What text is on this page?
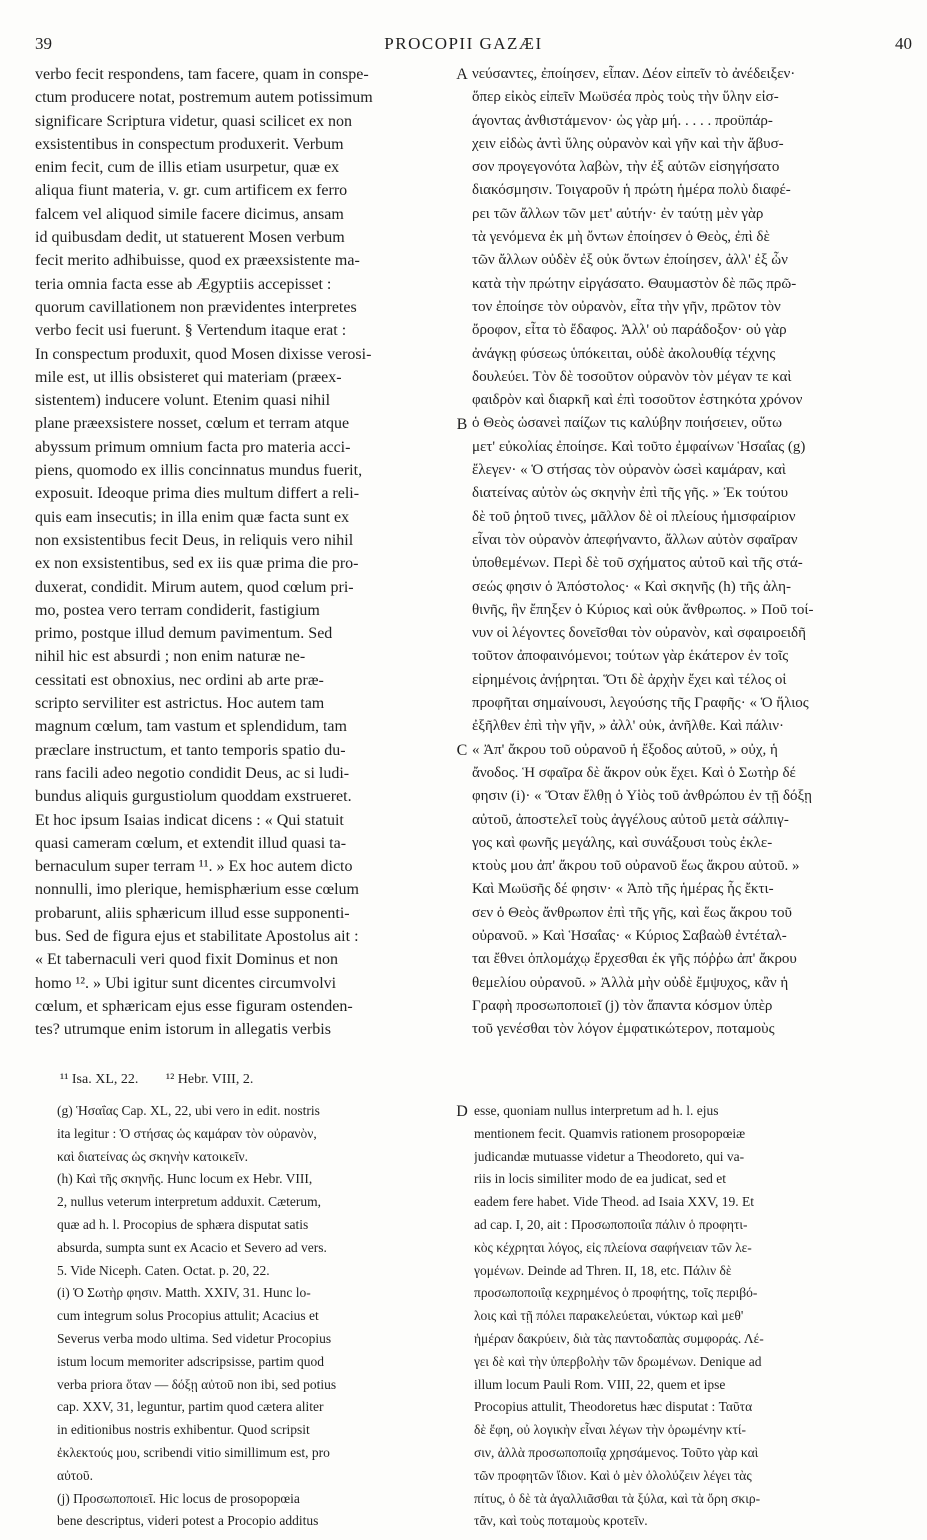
39	PROCOPII GAZÆI	40
verbo fecit respondens, tam facere, quam in conspe-
ctum producere notat, postremum autem potissimum
significare Scriptura videtur, quasi scilicet ex non
exsistentibus in conspectum produxerit. Verbum
enim fecit, cum de illis etiam usurpetur, quæ ex
aliqua fiunt materia, v. gr. cum artificem ex ferro
falcem vel aliquod simile facere dicimus, ansam
id quibusdam dedit, ut statuerent Mosen verbum
fecit merito adhibuisse, quod ex præexsistente ma-
teria omnia facta esse ab Ægyptiis accepisset :
quorum cavillationem non prævidentes interpretes
verbo fecit usi fuerunt. § Vertendum itaque erat :
In conspectum produxit, quod Mosen dixisse verosi-
mile est, ut illis obsisteret qui materiam (præex-
sistentem) inducere volunt. Etenim quasi nihil
plane præexsistere nosset, cœlum et terram atque
abyssum primum omnium facta pro materia acci-
piens, quomodo ex illis concinnatus mundus fuerit,
exposuit. Ideoque prima dies multum differt a reli-
quis eam insecutis; in illa enim quæ facta sunt ex
non exsistentibus fecit Deus, in reliquis vero nihil
ex non exsistentibus, sed ex iis quæ prima die pro-
duxerat, condidit. Mirum autem, quod cœlum pri-
mo, postea vero terram condiderit, fastigium
primo, postque illud demum pavimentum. Sed
nihil hic est absurdi ; non enim naturæ ne-
cessitati est obnoxius, nec ordini ab arte præ-
scripto serviliter est astrictus. Hoc autem tam
magnum cœlum, tam vastum et splendidum, tam
præclare instructum, et tanto temporis spatio du-
rans facili adeo negotio condidit Deus, ac si ludi-
bundus aliquis gurgustiolum quoddam exstrueret.
Et hoc ipsum Isaias indicat dicens : « Qui statuit
quasi cameram cœlum, et extendit illud quasi ta-
bernaculum super terram ¹¹. » Ex hoc autem dicto
nonnulli, imo plerique, hemisphærium esse cœlum
probarunt, aliis sphæricum illud esse supponenti-
bus. Sed de figura ejus et stabilitate Apostolus ait :
« Et tabernaculi veri quod fixit Dominus et non
homo ¹². » Ubi igitur sunt dicentes circumvolvi
cœlum, et sphæricam ejus esse figuram ostenden-
tes? utrumque enim istorum in allegatis verbis
νεύσαντες, ἐποίησεν, εἶπαν. Δέον εἰπεῖν τὸ ἀνέδειξεν·
ὅπερ εἰκὸς εἰπεῖν Μωϋσέα πρὸς τοὺς τὴν ὕλην εἰσ-
άγοντας ἀνθιστάμενον· ὡς γὰρ μή. . . . . προϋπάρ-
χειν εἰδὼς ἀντὶ ὕλης οὐρανὸν καὶ γῆν καὶ τὴν ἄβυσ-
σον προγεγονότα λαβὼν, τὴν ἐξ αὐτῶν εἰσηγήσατο
διακόσμησιν. Τοιγαροῦν ἡ πρώτη ἡμέρα πολὺ διαφέ-
ρει τῶν ἄλλων τῶν μετ' αὐτήν· ἐν ταύτῃ μὲν γὰρ
τὰ γενόμενα ἐκ μὴ ὄντων ἐποίησεν ὁ Θεὸς, ἐπὶ δὲ
τῶν ἄλλων οὐδὲν ἐξ οὐκ ὄντων ἐποίησεν, ἀλλ' ἐξ ὧν
κατὰ τὴν πρώτην εἰργάσατο. Θαυμαστὸν δὲ πῶς πρῶ-
τον ἐποίησε τὸν οὐρανὸν, εἶτα τὴν γῆν, πρῶτον τὸν
ὄροφον, εἶτα τὸ ἔδαφος. Ἀλλ' οὐ παράδοξον· οὐ γὰρ
ἀνάγκῃ φύσεως ὑπόκειται, οὐδὲ ἀκολουθίᾳ τέχνης
δουλεύει. Τὸν δὲ τοσοῦτον οὐρανὸν τὸν μέγαν τε καὶ
φαιδρὸν καὶ διαρκῆ καὶ ἐπὶ τοσοῦτον ἑστηκότα χρόνον
ὁ Θεὸς ὡσανεὶ παίζων τις καλύβην ποιήσειεν, οὕτω
μετ' εὐκολίας ἐποίησε. Καὶ τοῦτο ἐμφαίνων Ἡσαΐας (g)
ἔλεγεν· « Ὁ στήσας τὸν οὐρανὸν ὡσεὶ καμάραν, καὶ
διατείνας αὐτὸν ὡς σκηνὴν ἐπὶ τῆς γῆς. » Ἐκ τούτου
δὲ τοῦ ῥητοῦ τινες, μᾶλλον δὲ οἱ πλείους ἡμισφαίριον
εἶναι τὸν οὐρανὸν ἀπεφήναντο, ἄλλων αὐτὸν σφαῖραν
ὑποθεμένων. Περὶ δὲ τοῦ σχήματος αὐτοῦ καὶ τῆς στά-
σεώς φησιν ὁ Ἀπόστολος· « Καὶ σκηνῆς (h) τῆς ἀλη-
θινῆς, ἣν ἔπηξεν ὁ Κύριος καὶ οὐκ ἄνθρωπος. » Ποῦ τοί-
νυν οἱ λέγοντες δονεῖσθαι τὸν οὐρανὸν, καὶ σφαιροειδῆ
τοῦτον ἀποφαινόμενοι; τούτων γὰρ ἑκάτερον ἐν τοῖς
εἰρημένοις ἀνῄρηται. Ὅτι δὲ ἀρχὴν ἔχει καὶ τέλος οἱ
προφῆται σημαίνουσι, λεγούσης τῆς Γραφῆς· « Ὁ ἥλιος
ἐξῆλθεν ἐπὶ τὴν γῆν, » ἀλλ' οὐκ, ἀνῆλθε. Καὶ πάλιν·
« Ἀπ' ἄκρου τοῦ οὐρανοῦ ἡ ἔξοδος αὐτοῦ, » οὐχ, ἡ
ἄνοδος. Ἡ σφαῖρα δὲ ἄκρον οὐκ ἔχει. Καὶ ὁ Σωτὴρ δέ
φησιν (i)· « Ὅταν ἔλθῃ ὁ Υἱὸς τοῦ ἀνθρώπου ἐν τῇ δόξῃ
αὐτοῦ, ἀποστελεῖ τοὺς ἀγγέλους αὐτοῦ μετὰ σάλπιγ-
γος καὶ φωνῆς μεγάλης, καὶ συνάξουσι τοὺς ἐκλε-
κτοὺς μου ἀπ' ἄκρου τοῦ οὐρανοῦ ἕως ἄκρου αὐτοῦ. »
Καὶ Μωϋσῆς δέ φησιν· « Ἀπὸ τῆς ἡμέρας ἧς ἔκτι-
σεν ὁ Θεὸς ἄνθρωπον ἐπὶ τῆς γῆς, καὶ ἕως ἄκρου τοῦ
οὐρανοῦ. » Καὶ Ἡσαΐας· « Κύριος Σαβαὼθ ἐντέταλ-
ται ἔθνει ὁπλομάχῳ ἔρχεσθαι ἐκ γῆς πόῤῥω ἀπ' ἄκρου
θεμελίου οὐρανοῦ. » Ἀλλὰ μὴν οὐδὲ ἔμψυχος, κἂν ἡ
Γραφὴ προσωποποιεῖ (j) τὸν ἅπαντα κόσμον ὑπὲρ
τοῦ γενέσθαι τὸν λόγον ἐμφατικώτερον, ποταμοὺς
A
B
C
D
¹¹ Isa. XL, 22. ¹² Hebr. VIII, 2.
(g) Ἡσαΐας Cap. XL, 22, ubi vero in edit. nostris
ita legitur : Ὁ στήσας ὡς καμάραν τὸν οὐρανὸν,
καὶ διατείνας ὡς σκηνὴν κατοικεῖν.
(h) Καὶ τῆς σκηνῆς. Hunc locum ex Hebr. VIII,
2, nullus veterum interpretum adduxit. Cæterum,
quæ ad h. l. Procopius de sphæra disputat satis
absurda, sumpta sunt ex Acacio et Severo ad vers.
5. Vide Niceph. Caten. Octat. p. 20, 22.
(i) Ὁ Σωτὴρ φησιν. Matth. XXIV, 31. Hunc lo-
cum integrum solus Procopius attulit; Acacius et
Severus verba modo ultima. Sed videtur Procopius
istum locum memoriter adscripsisse, partim quod
verba priora ὅταν — δόξῃ αὐτοῦ non ibi, sed potius
cap. XXV, 31, leguntur, partim quod cætera aliter
in editionibus nostris exhibentur. Quod scripsit
ἐκλεκτούς μου, scribendi vitio simillimum est, pro
αὐτοῦ.
(j) Προσωποποιεῖ. Hic locus de prosopopœia
bene descriptus, videri potest a Procopio additus
esse, quoniam nullus interpretum ad h. l. ejus
mentionem fecit. Quamvis rationem prosopopœiæ
judicandæ mutuasse videtur a Theodoreto, qui va-
riis in locis similiter modo de ea judicat, sed et
eadem fere habet. Vide Theod. ad Isaia XXV, 19. Et
ad cap. I, 20, ait : Προσωποποιΐα πάλιν ὁ προφητι-
κὸς κέχρηται λόγος, εἰς πλείονα σαφήνειαν τῶν λε-
γομένων. Deinde ad Thren. II, 18, etc. Πάλιν δὲ
προσωποποιΐᾳ κεχρημένος ὁ προφήτης, τοῖς περιβό-
λοις καὶ τῇ πόλει παρακελεύεται, νύκτωρ καὶ μεθ'
ἡμέραν δακρύειν, διὰ τὰς παντοδαπὰς συμφοράς. Λέ-
γει δὲ καὶ τὴν ὑπερβολὴν τῶν δρωμένων. Denique ad
illum locum Pauli Rom. VIII, 22, quem et ipse
Procopius attulit, Theodoretus hæc disputat : Ταῦτα
δὲ ἔφη, οὐ λογικὴν εἶναι λέγων τὴν ὁρωμένην κτί-
σιν, ἀλλὰ προσωποποιΐᾳ χρησάμενος. Τοῦτο γὰρ καὶ
τῶν προφητῶν ἴδιον. Καὶ ὁ μὲν ὀλολύζειν λέγει τὰς
πίτυς, ὁ δὲ τὰ ἀγαλλιᾶσθαι τὰ ξύλα, καὶ τὰ ὄρη σκιρ-
τᾶν, καὶ τοὺς ποταμοὺς κροτεῖν.
